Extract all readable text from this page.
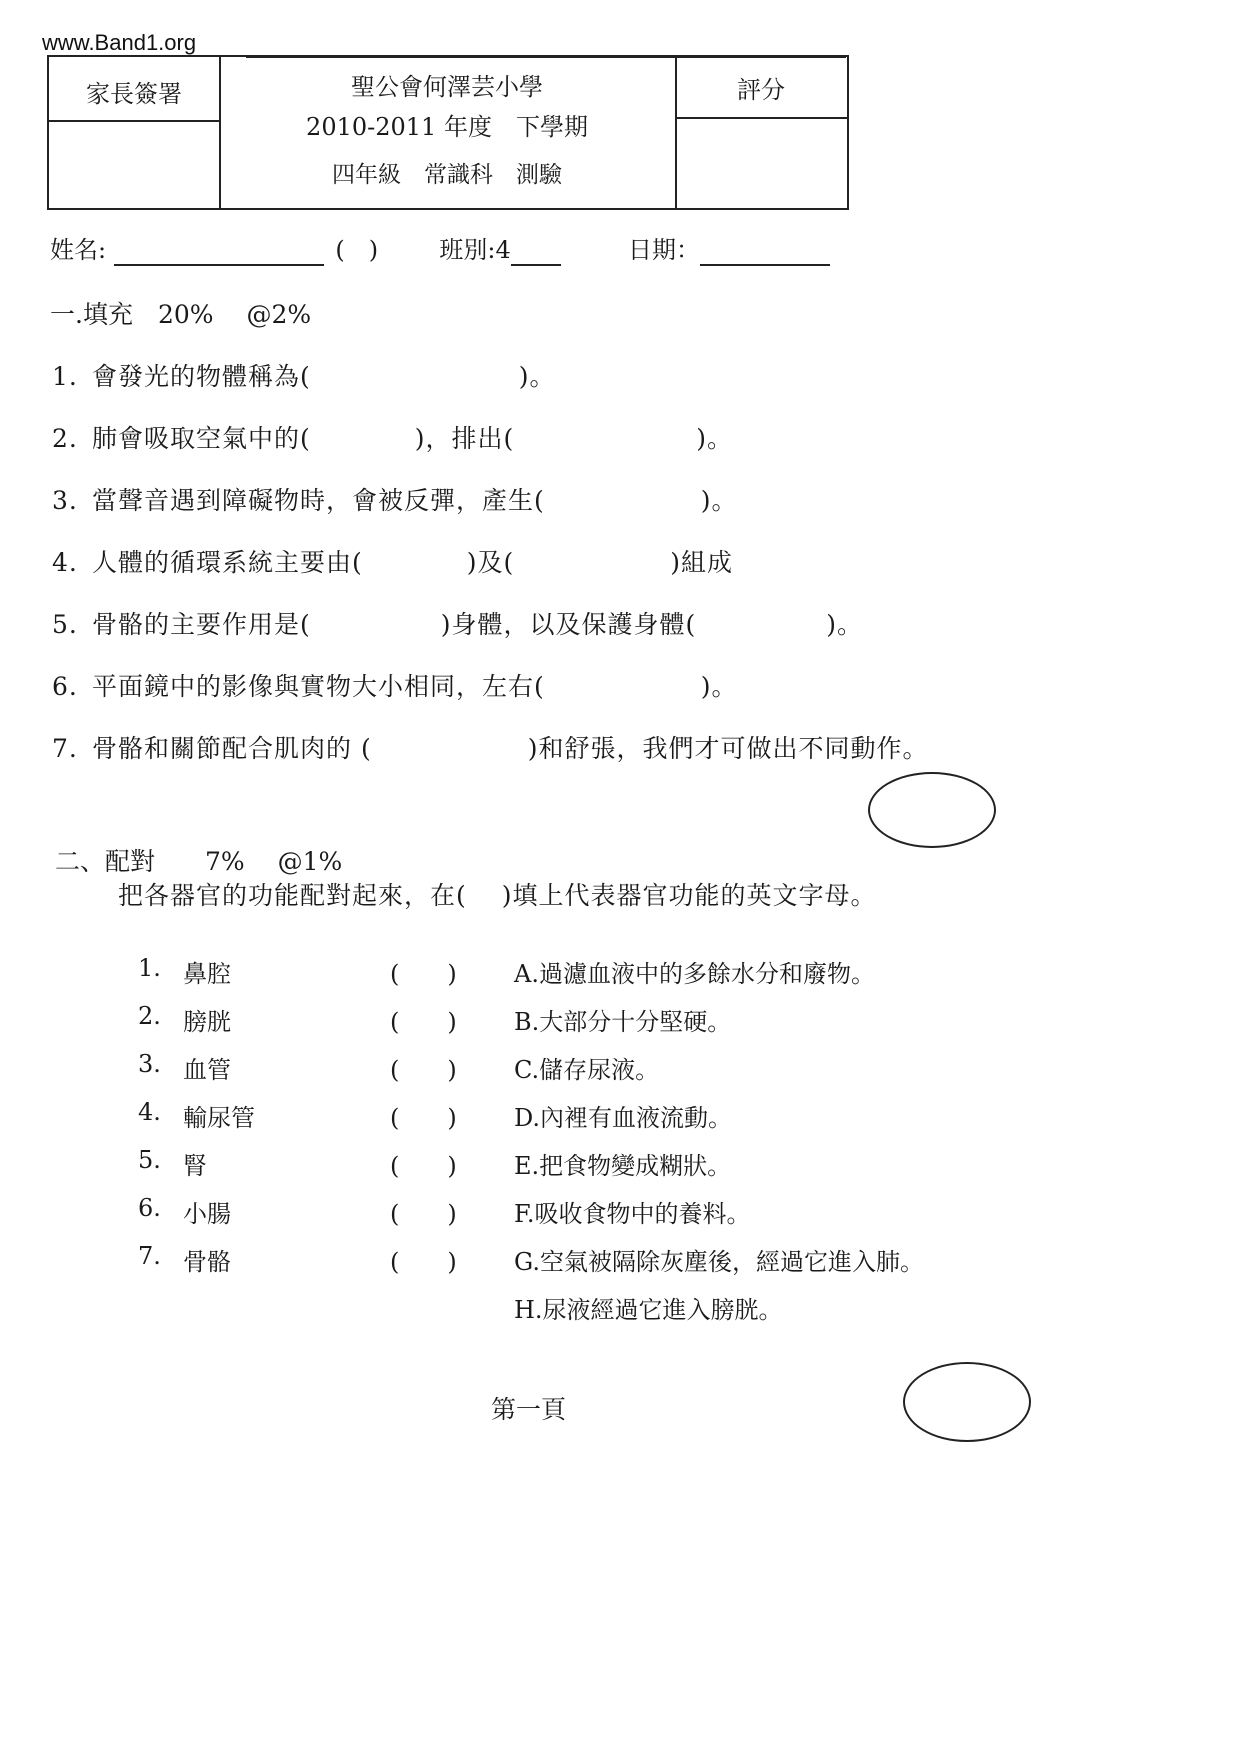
www.Band1.org
家長簽署	聖公會何澤芸小學
2010-2011 年度　下學期
四年級　常識科　測驗
評分
姓名:	(　)	班別:4	日期：
一.填充　20%　 @2%
1. 會發光的物體稱為(　　　　　　　　)。
2. 肺會吸取空氣中的(　　　　)，排出(　　　　　　　)。
3. 當聲音遇到障礙物時，會被反彈，產生(　　　　　　)。
4. 人體的循環系統主要由(　　　　)及(　　　　　　)組成
5. 骨骼的主要作用是(　　　　　)身體，以及保護身體(　　　　　)。
6. 平面鏡中的影像與實物大小相同，左右(　　　　　　)。
7. 骨骼和關節配合肌肉的 (　　　　　　)和舒張，我們才可做出不同動作。
二、配對　　7%　 @1%
把各器官的功能配對起來，在(　 )填上代表器官功能的英文字母。
1. 鼻腔	(　　) A.過濾血液中的多餘水分和廢物。
2. 膀胱	(　　) B.大部分十分堅硬。
3. 血管	(　　) C.儲存尿液。
4. 輸尿管	(　　) D.內裡有血液流動。
5. 腎	(　　) E.把食物變成糊狀。
6. 小腸	(　　) F.吸收食物中的養料。
7. 骨骼	(　　) G.空氣被隔除灰塵後，經過它進入肺。
H.尿液經過它進入膀胱。
第一頁
